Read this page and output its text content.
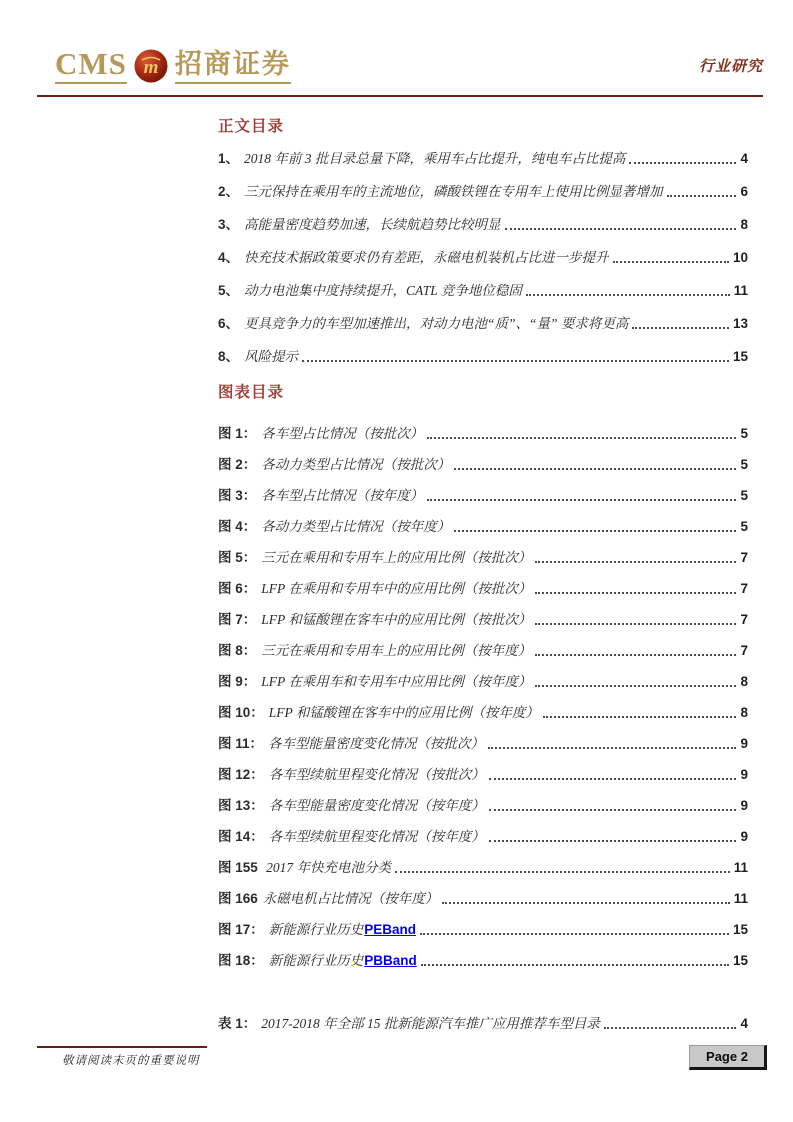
CMS m 招商证券	行业研究
正文目录
1、 2018 年前 3 批目录总量下降，乘用车占比提升，纯电车占比提高	4
2、 三元保持在乘用车的主流地位，磷酸铁锂在专用车上使用比例显著增加	6
3、 高能量密度趋势加速，长续航趋势比较明显	8
4、 快充技术据政策要求仍有差距，永磁电机装机占比进一步提升	10
5、 动力电池集中度持续提升，CATL 竞争地位稳固	11
6、 更具竞争力的车型加速推出，对动力电池“质”、“量” 要求将更高	13
8、 风险提示	15
图表目录
图 1： 各车型占比情况（按批次）	5
图 2： 各动力类型占比情况（按批次）	5
图 3： 各车型占比情况（按年度）	5
图 4： 各动力类型占比情况（按年度）	5
图 5： 三元在乘用和专用车上的应用比例（按批次）	7
图 6： LFP 在乘用和专用车中的应用比例（按批次）	7
图 7： LFP 和锰酸锂在客车中的应用比例（按批次）	7
图 8： 三元在乘用和专用车上的应用比例（按年度）	7
图 9： LFP 在乘用车和专用车中应用比例（按年度）	8
图 10： LFP 和锰酸锂在客车中的应用比例（按年度）	8
图 11： 各车型能量密度变化情况（按批次）	9
图 12： 各车型续航里程变化情况（按批次）	9
图 13： 各车型能量密度变化情况（按年度）	9
图 14： 各车型续航里程变化情况（按年度）	9
图 155 2017 年快充电池分类	11
图 166 永磁电机占比情况（按年度）	11
图 17： 新能源行业历史 PEBand	15
图 18： 新能源行业历史 PBBand	15
表 1： 2017-2018 年全部 15 批新能源汽车推广应用推荐车型目录	4
敬请阅读末页的重要说明	Page 2
